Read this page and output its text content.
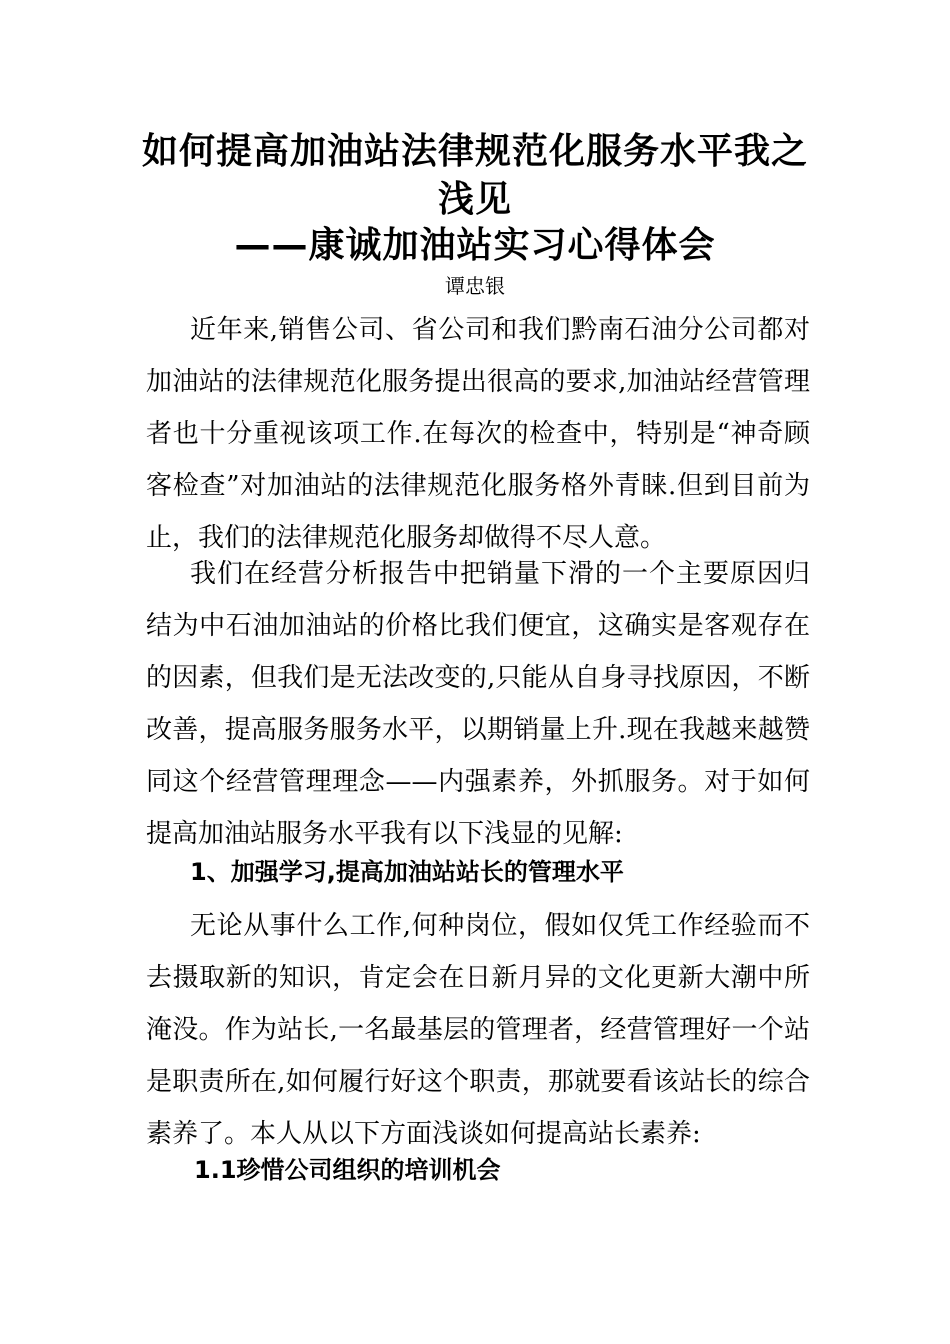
如何提高加油站法律规范化服务水平我之
浅见
——康诚加油站实习心得体会

谭忠银

近年来,销售公司、省公司和我们黔南石油分公司都对加油站的法律规范化服务提出很高的要求,加油站经营管理者也十分重视该项工作.在每次的检查中，特别是“神奇顾客检查”对加油站的法律规范化服务格外青睐.但到目前为止，我们的法律规范化服务却做得不尽人意。

我们在经营分析报告中把销量下滑的一个主要原因归结为中石油加油站的价格比我们便宜，这确实是客观存在的因素，但我们是无法改变的,只能从自身寻找原因，不断改善，提高服务服务水平，以期销量上升.现在我越来越赞同这个经营管理理念——内强素养，外抓服务。对于如何提高加油站服务水平我有以下浅显的见解:

1、加强学习,提高加油站站长的管理水平

无论从事什么工作,何种岗位，假如仅凭工作经验而不去摄取新的知识，肯定会在日新月异的文化更新大潮中所淹没。作为站长,一名最基层的管理者，经营管理好一个站是职责所在,如何履行好这个职责，那就要看该站长的综合素养了。本人从以下方面浅谈如何提高站长素养:

1.1珍惜公司组织的培训机会
